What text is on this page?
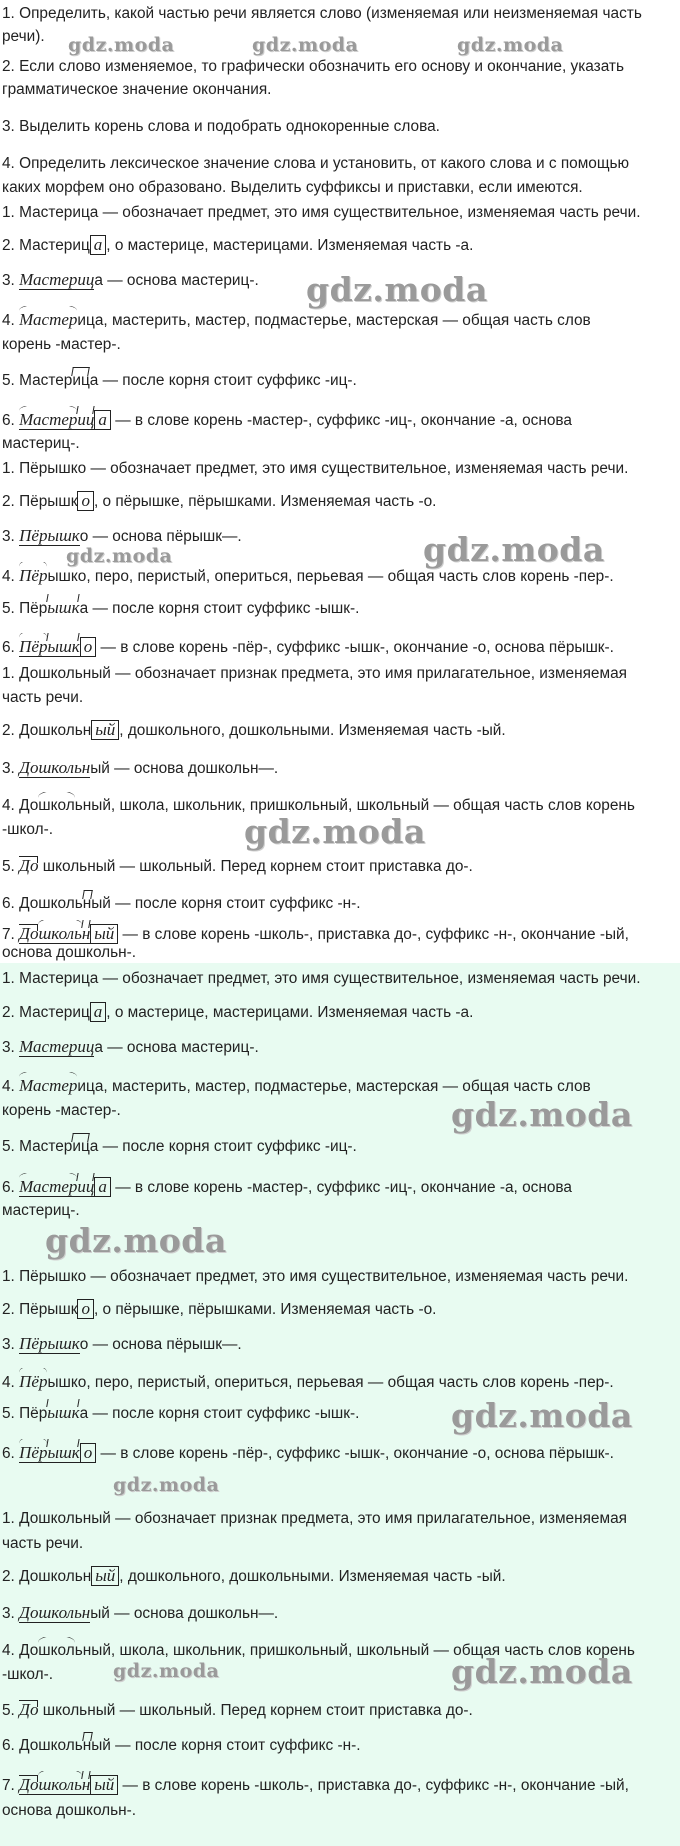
1. Определить, какой частью речи является слово (изменяемая или неизменяемая часть
речи).
2. Если слово изменяемое, то графически обозначить его основу и окончание, указать
грамматическое значение окончания.
3. Выделить корень слова и подобрать однокоренные слова.
4. Определить лексическое значение слова и установить, от какого слова и с помощью
каких морфем оно образовано. Выделить суффиксы и приставки, если имеются.
1. Мастерица — обозначает предмет, это имя существительное, изменяемая часть речи.
2. Мастериц а , о мастерице, мастерицами. Изменяемая часть -а.
3. Мастерица — основа мастериц-.
4. Мастерица, мастерить, мастер, подмастерье, мастерская — общая часть слов
корень -мастер-.
5. Мастерица — после корня стоит суффикс -иц-.
6. Мастериц а — в слове корень -мастер-, суффикс -иц-, окончание -а, основа
мастериц-.
1. Пёрышко — обозначает предмет, это имя существительное, изменяемая часть речи.
2. Пёрышк о , о пёрышке, пёрышками. Изменяемая часть -о.
3. Пёрышко — основа пёрышк—.
4. Пёрышко, перо, перистый, опериться, перьевая — общая часть слов корень -пер-.
5. Пёрышка — после корня стоит суффикс -ышк-.
6. Пёрышк о — в слове корень -пёр-, суффикс -ышк-, окончание -о, основа пёрышк-.
1. Дошкольный — обозначает признак предмета, это имя прилагательное, изменяемая
часть речи.
2. Дошкольн ый , дошкольного, дошкольными. Изменяемая часть -ый.
3. Дошкольный — основа дошкольн—.
4. Дошкольный, школа, школьник, пришкольный, школьный — общая часть слов корень
-школ-.
5. До школьный — школьный. Перед корнем стоит приставка до-.
6. Дошкольный — после корня стоит суффикс -н-.
7. Дошкольн ый — в слове корень -школь-, приставка до-, суффикс -н-, окончание -ый,
основа дошкольн-.
1. Мастерица — обозначает предмет, это имя существительное, изменяемая часть речи.
2. Мастериц а , о мастерице, мастерицами. Изменяемая часть -а.
3. Мастерица — основа мастериц-.
4. Мастерица, мастерить, мастер, подмастерье, мастерская — общая часть слов
корень -мастер-.
5. Мастерица — после корня стоит суффикс -иц-.
6. Мастериц а — в слове корень -мастер-, суффикс -иц-, окончание -а, основа
мастериц-.
1. Пёрышко — обозначает предмет, это имя существительное, изменяемая часть речи.
2. Пёрышк о , о пёрышке, пёрышками. Изменяемая часть -о.
3. Пёрышко — основа пёрышк—.
4. Пёрышко, перо, перистый, опериться, перьевая — общая часть слов корень -пер-.
5. Пёрышка — после корня стоит суффикс -ышк-.
6. Пёрышк о — в слове корень -пёр-, суффикс -ышк-, окончание -о, основа пёрышк-.
1. Дошкольный — обозначает признак предмета, это имя прилагательное, изменяемая
часть речи.
2. Дошкольн ый , дошкольного, дошкольными. Изменяемая часть -ый.
3. Дошкольный — основа дошкольн—.
4. Дошкольный, школа, школьник, пришкольный, школьный — общая часть слов корень
-школ-.
5. До школьный — школьный. Перед корнем стоит приставка до-.
6. Дошкольный — после корня стоит суффикс -н-.
7. Дошкольн ый — в слове корень -школь-, приставка до-, суффикс -н-, окончание -ый,
основа дошкольн-.
gdz.moda	gdz.moda	gdz.moda
gdz.moda
gdz.moda	gdz.moda
gdz.moda
gdz.moda
gdz.moda
gdz.moda
gdz.moda
gdz.moda	gdz.moda
